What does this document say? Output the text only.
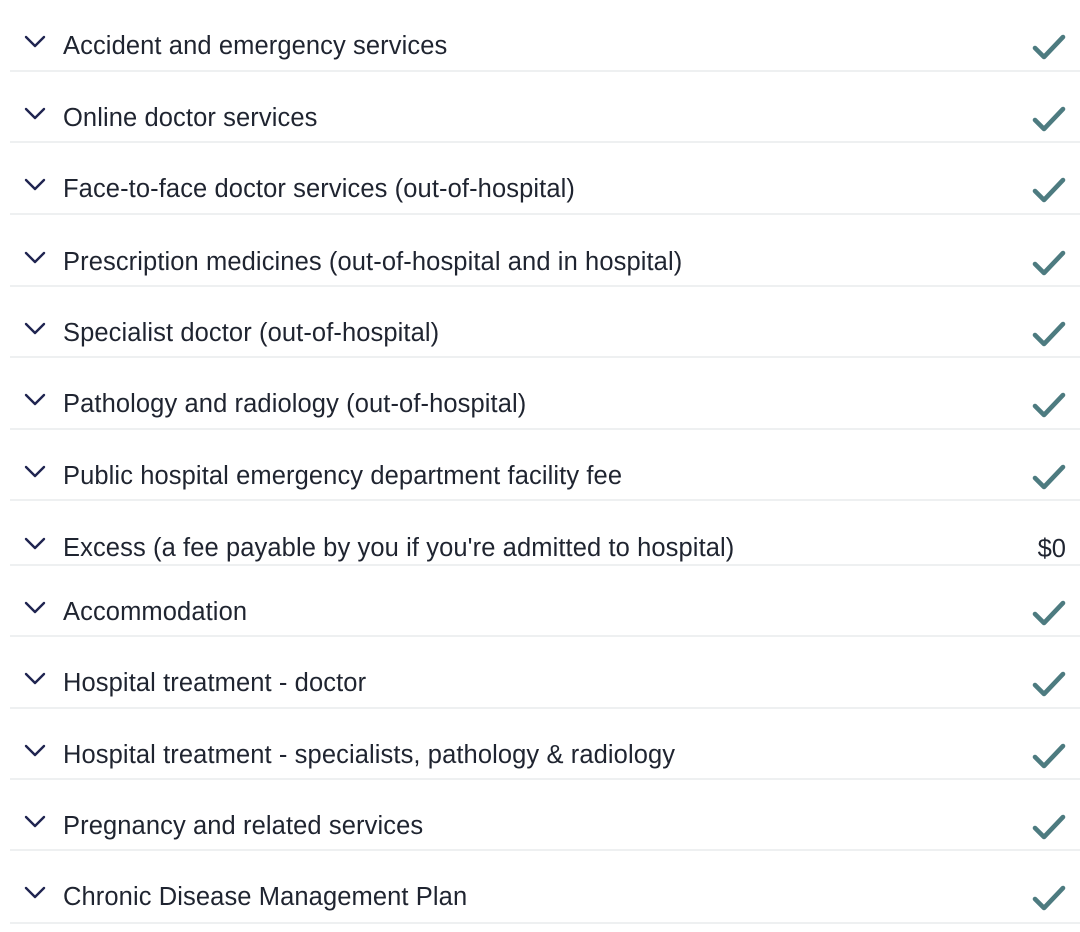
Accident and emergency services
Online doctor services
Face-to-face doctor services (out-of-hospital)
Prescription medicines (out-of-hospital and in hospital)
Specialist doctor (out-of-hospital)
Pathology and radiology (out-of-hospital)
Public hospital emergency department facility fee
Excess (a fee payable by you if you're admitted to hospital)	$0
Accommodation
Hospital treatment - doctor
Hospital treatment - specialists, pathology & radiology
Pregnancy and related services
Chronic Disease Management Plan
